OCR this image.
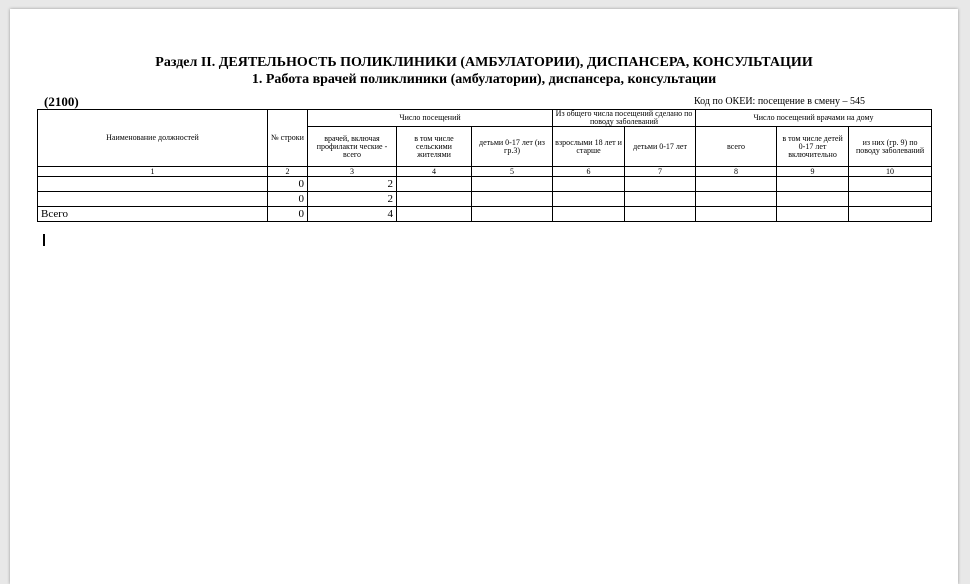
Раздел II. ДЕЯТЕЛЬНОСТЬ ПОЛИКЛИНИКИ (АМБУЛАТОРИИ), ДИСПАНСЕРА, КОНСУЛЬТАЦИИ
1. Работа врачей поликлиники (амбулатории), диспансера, консультации
(2100)	Код по ОКЕИ: посещение в смену – 545
Наименование должностей	№ строки	Число посещений			Из общего числа посещений сделано по поводу заболеваний		Число посещений врачами на дому		
		врачей, включая профилакти ческие - всего	в том числе сельскими жителями	детьми 0-17 лет (из гр.3)	взрослыми 18 лет и старше	детьми 0-17 лет	всего	в том числе детей 0-17 лет включительно	из них (гр. 9) по поводу заболеваний
1	2	3	4	5	6	7	8	9	10
	0	2							
	0	2							
Всего	0	4							
